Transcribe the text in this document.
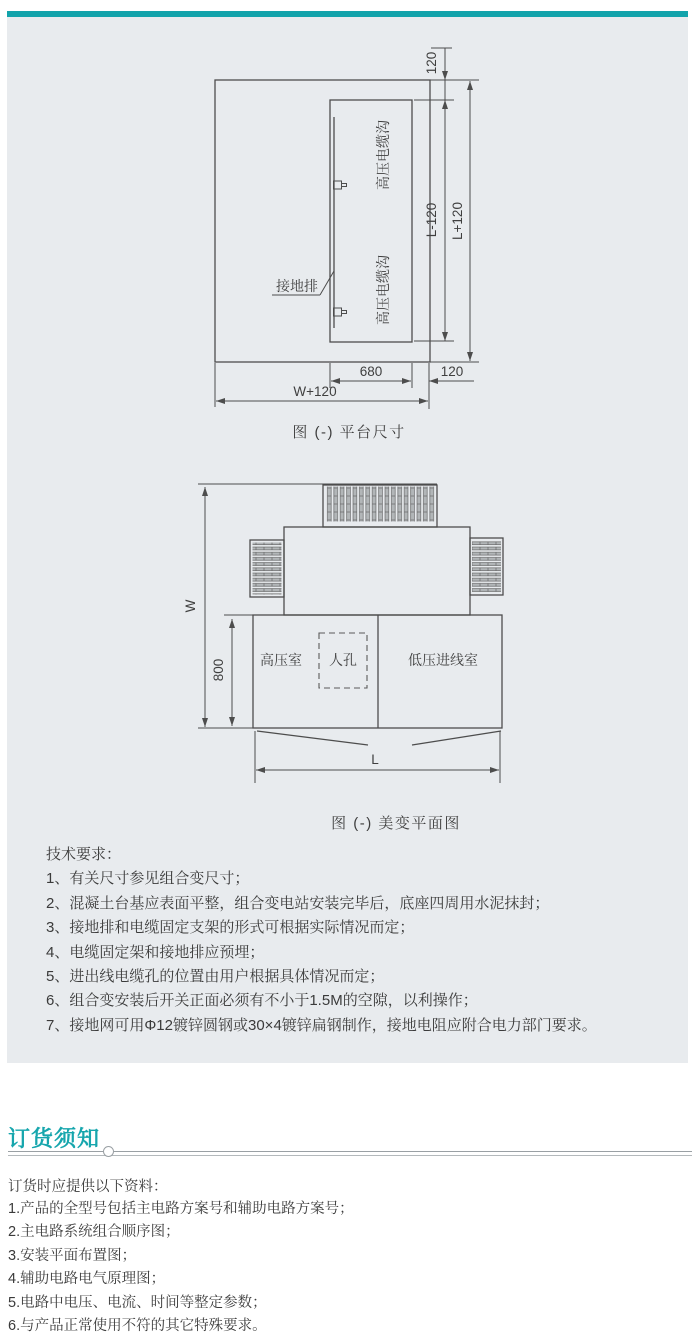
接地排
高压电缆沟
高压电缆沟
120
L-120 L+120
680	120
W+120
图 (-) 平台尺寸
高压室 人孔	低压进线室
W
800
L
图 (-) 美变平面图

技术要求：

1、有关尺寸参见组合变尺寸；

2、混凝土台基应表面平整，组合变电站安装完毕后，底座四周用水泥抹封；

3、接地排和电缆固定支架的形式可根据实际情况而定；

4、电缆固定架和接地排应预埋；

5、进出线电缆孔的位置由用户根据具体情况而定；

6、组合变安装后开关正面必须有不小于1.5M的空隙，以利操作；

7、接地网可用Φ12镀锌圆钢或30×4镀锌扁钢制作，接地电阻应附合电力部门要求。

订货须知

订货时应提供以下资料：

1.产品的全型号包括主电路方案号和辅助电路方案号；

2.主电路系统组合顺序图；

3.安装平面布置图；

4.辅助电路电气原理图；

5.电路中电压、电流、时间等整定参数；

6.与产品正常使用不符的其它特殊要求。
